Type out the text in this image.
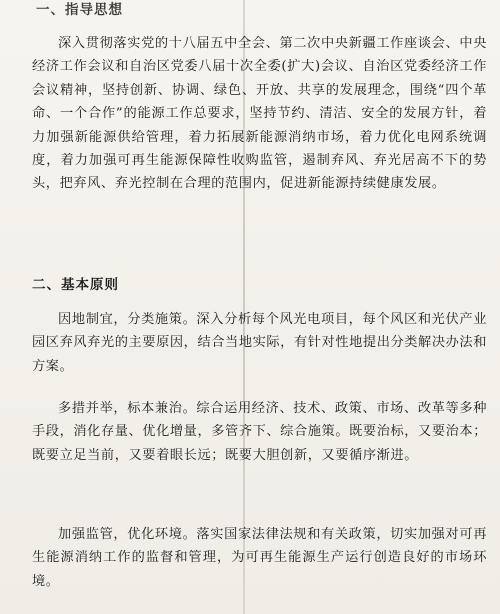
一、指导思想

深入贯彻落实党的十八届五中全会、第二次中央新疆工作座谈会、中央经济工作会议和自治区党委八届十次全委(扩大)会议、自治区党委经济工作会议精神，坚持创新、协调、绿色、开放、共享的发展理念，围绕“四个革命、一个合作”的能源工作总要求，坚持节约、清洁、安全的发展方针，着力加强新能源供给管理，着力拓展新能源消纳市场，着力优化电网系统调度，着力加强可再生能源保障性收购监管，遏制弃风、弃光居高不下的势头，把弃风、弃光控制在合理的范围内，促进新能源持续健康发展。

二、基本原则

因地制宜，分类施策。深入分析每个风光电项目，每个风区和光伏产业园区弃风弃光的主要原因，结合当地实际，有针对性地提出分类解决办法和方案。

多措并举，标本兼治。综合运用经济、技术、政策、市场、改革等多种手段，消化存量、优化增量，多管齐下、综合施策。既要治标，又要治本；既要立足当前，又要着眼长远；既要大胆创新，又要循序渐进。

加强监管，优化环境。落实国家法律法规和有关政策，切实加强对可再生能源消纳工作的监督和管理，为可再生能源生产运行创造良好的市场环境。
